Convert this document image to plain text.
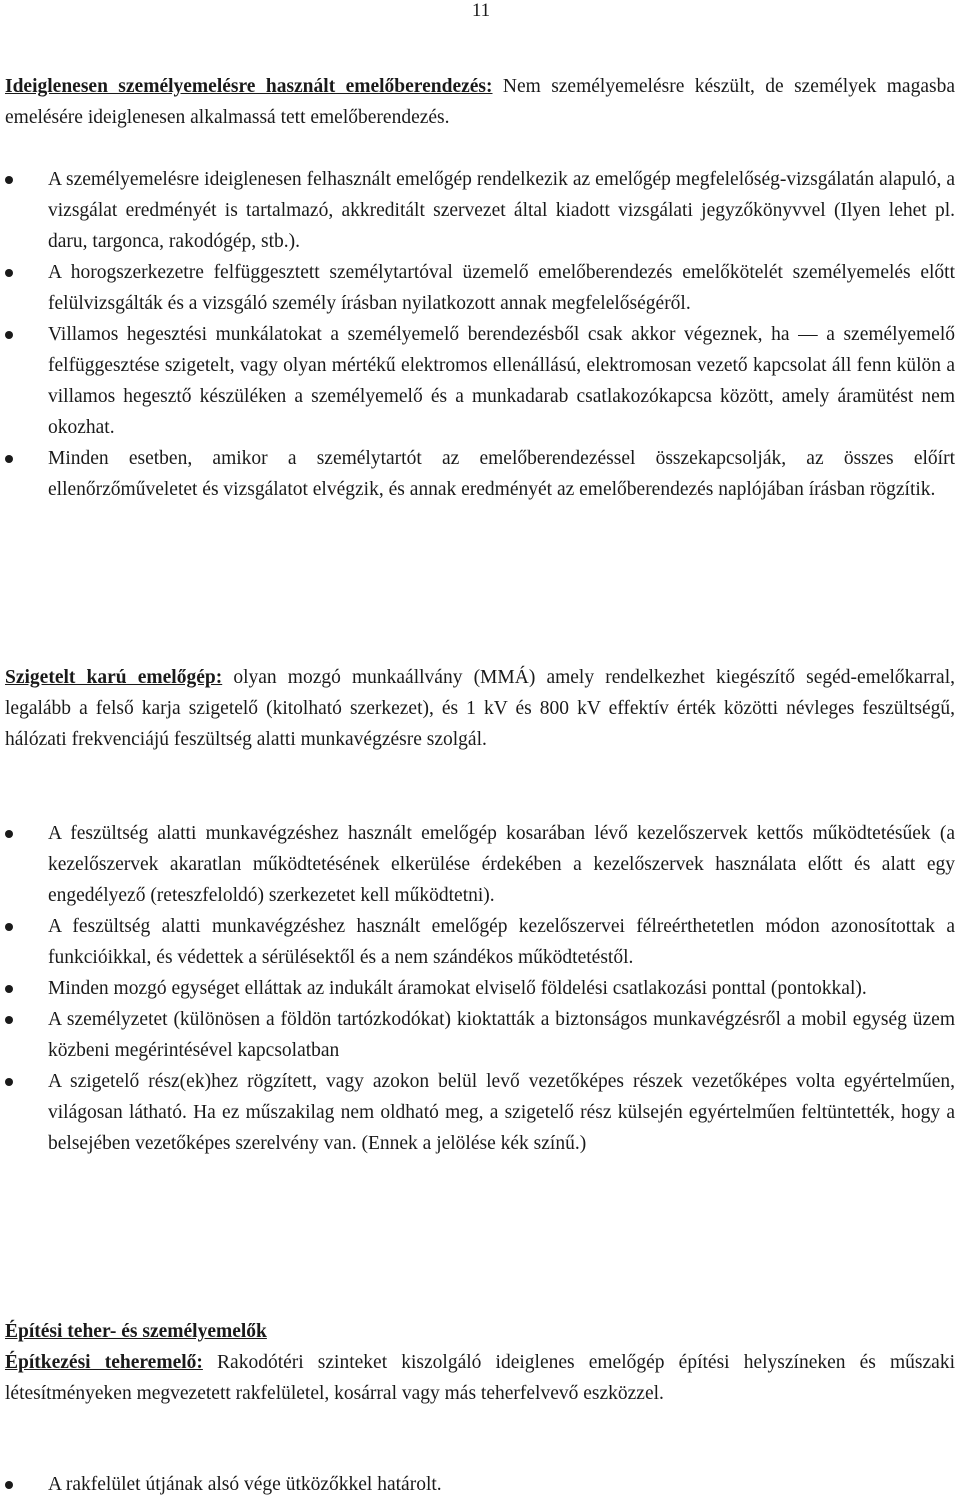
11

Ideiglenesen személyemelésre használt emelőberendezés: Nem személyemelésre készült, de személyek magasba emelésére ideiglenesen alkalmassá tett emelőberendezés.

A személyemelésre ideiglenesen felhasznált emelőgép rendelkezik az emelőgép megfelelőség-vizsgálatán alapuló, a vizsgálat eredményét is tartalmazó, akkreditált szervezet által kiadott vizsgálati jegyzőkönyvvel (Ilyen lehet pl. daru, targonca, rakodógép, stb.).
A horogszerkezetre felfüggesztett személytartóval üzemelő emelőberendezés emelőkötelét személyemelés előtt felülvizsgálták és a vizsgáló személy írásban nyilatkozott annak megfelelőségéről.
Villamos hegesztési munkálatokat a személyemelő berendezésből csak akkor végeznek, ha — a személyemelő felfüggesztése szigetelt, vagy olyan mértékű elektromos ellenállású, elektromosan vezető kapcsolat áll fenn külön a villamos hegesztő készüléken a személyemelő és a munkadarab csatlakozókapcsa között, amely áramütést nem okozhat.
Minden esetben, amikor a személytartót az emelőberendezéssel összekapcsolják, az összes előírt ellenőrzőműveletet és vizsgálatot elvégzik, és annak eredményét az emelőberendezés naplójában írásban rögzítik.

Szigetelt karú emelőgép: olyan mozgó munkaállvány (MMÁ) amely rendelkezhet kiegészítő segéd-emelőkarral, legalább a felső karja szigetelő (kitolható szerkezet), és 1 kV és 800 kV effektív érték közötti névleges feszültségű, hálózati frekvenciájú feszültség alatti munkavégzésre szolgál.

A feszültség alatti munkavégzéshez használt emelőgép kosarában lévő kezelőszervek kettős működtetésűek (a kezelőszervek akaratlan működtetésének elkerülése érdekében a kezelőszervek használata előtt és alatt egy engedélyező (reteszfeloldó) szerkezetet kell működtetni).
A feszültség alatti munkavégzéshez használt emelőgép kezelőszervei félreérthetetlen módon azonosítottak a funkcióikkal, és védettek a sérülésektől és a nem szándékos működtetéstől.
Minden mozgó egységet elláttak az indukált áramokat elviselő földelési csatlakozási ponttal (pontokkal).
A személyzetet (különösen a földön tartózkodókat) kioktatták a biztonságos munkavégzésről a mobil egység üzem közbeni megérintésével kapcsolatban
A szigetelő rész(ek)hez rögzített, vagy azokon belül levő vezetőképes részek vezetőképes volta egyértelműen, világosan látható. Ha ez műszakilag nem oldható meg, a szigetelő rész külsején egyértelműen feltüntették, hogy a belsejében vezetőképes szerelvény van. (Ennek a jelölése kék színű.)

Építési teher- és személyemelők

Építkezési teheremelő: Rakodótéri szinteket kiszolgáló ideiglenes emelőgép építési helyszíneken és műszaki létesítményeken megvezetett rakfelületel, kosárral vagy más teherfelvevő eszközzel.

A rakfelület útjának alsó vége ütközőkkel határolt.
